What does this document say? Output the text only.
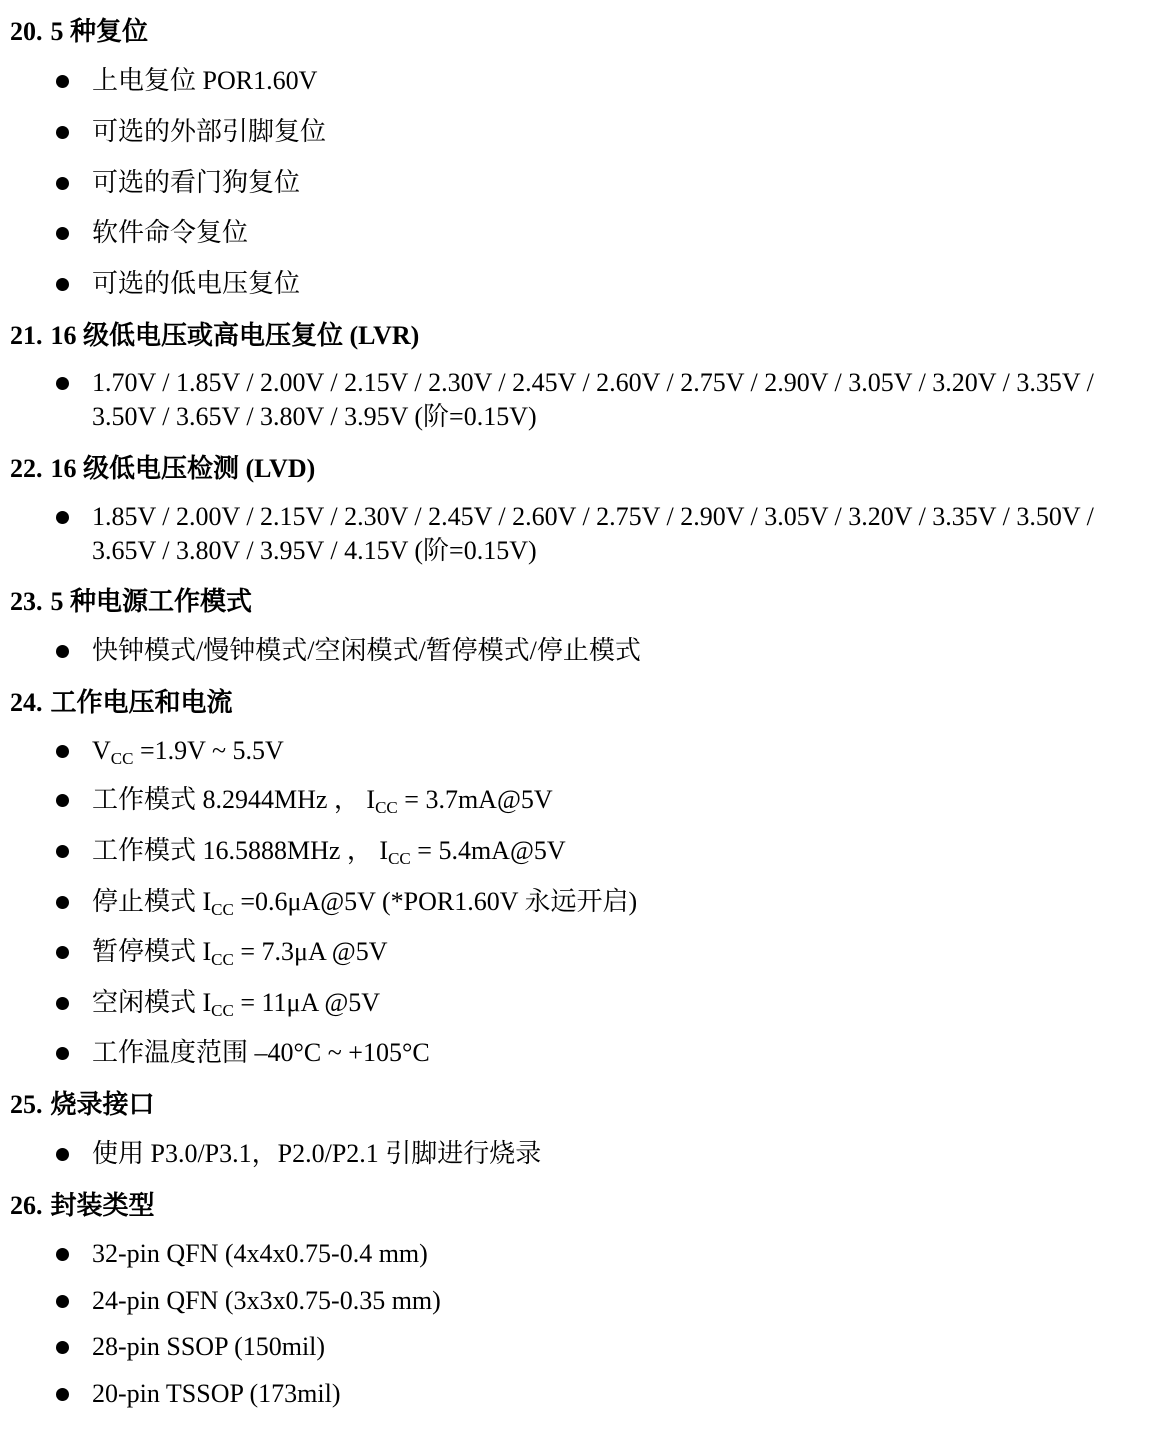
20. 5 种复位
上电复位 POR1.60V
可选的外部引脚复位
可选的看门狗复位
软件命令复位
可选的低电压复位
21. 16 级低电压或高电压复位 (LVR)
1.70V / 1.85V / 2.00V / 2.15V / 2.30V / 2.45V / 2.60V / 2.75V / 2.90V / 3.05V / 3.20V / 3.35V /
3.50V / 3.65V / 3.80V / 3.95V (阶=0.15V)
22. 16 级低电压检测 (LVD)
1.85V / 2.00V / 2.15V / 2.30V / 2.45V / 2.60V / 2.75V / 2.90V / 3.05V / 3.20V / 3.35V / 3.50V /
3.65V / 3.80V / 3.95V / 4.15V (阶=0.15V)
23. 5 种电源工作模式
快钟模式/慢钟模式/空闲模式/暂停模式/停止模式
24. 工作电压和电流
$V_{CC} =1.9V$ ~ 5.5V
工作模式 8.2944MHz ， $I_{CC}$ = 3.7mA@5V
工作模式 16.5888MHz ， $I_{CC}$ = 5.4mA@5V
停止模式 $I_{CC}$ =0.6μA@5V (*POR1.60V 永远开启)
暂停模式 $I_{CC} = 7.3\mu A$ @5V
空闲模式 $I_{CC} = 11\mu A$ @5V
工作温度范围 –40°C ~ +105°C
25. 烧录接口
使用 P3.0/P3.1，P2.0/P2.1 引脚进行烧录
26. 封装类型
32-pin QFN (4x4x0.75-0.4 mm)
24-pin QFN (3x3x0.75-0.35 mm)
28-pin SSOP (150mil)
20-pin TSSOP (173mil)
